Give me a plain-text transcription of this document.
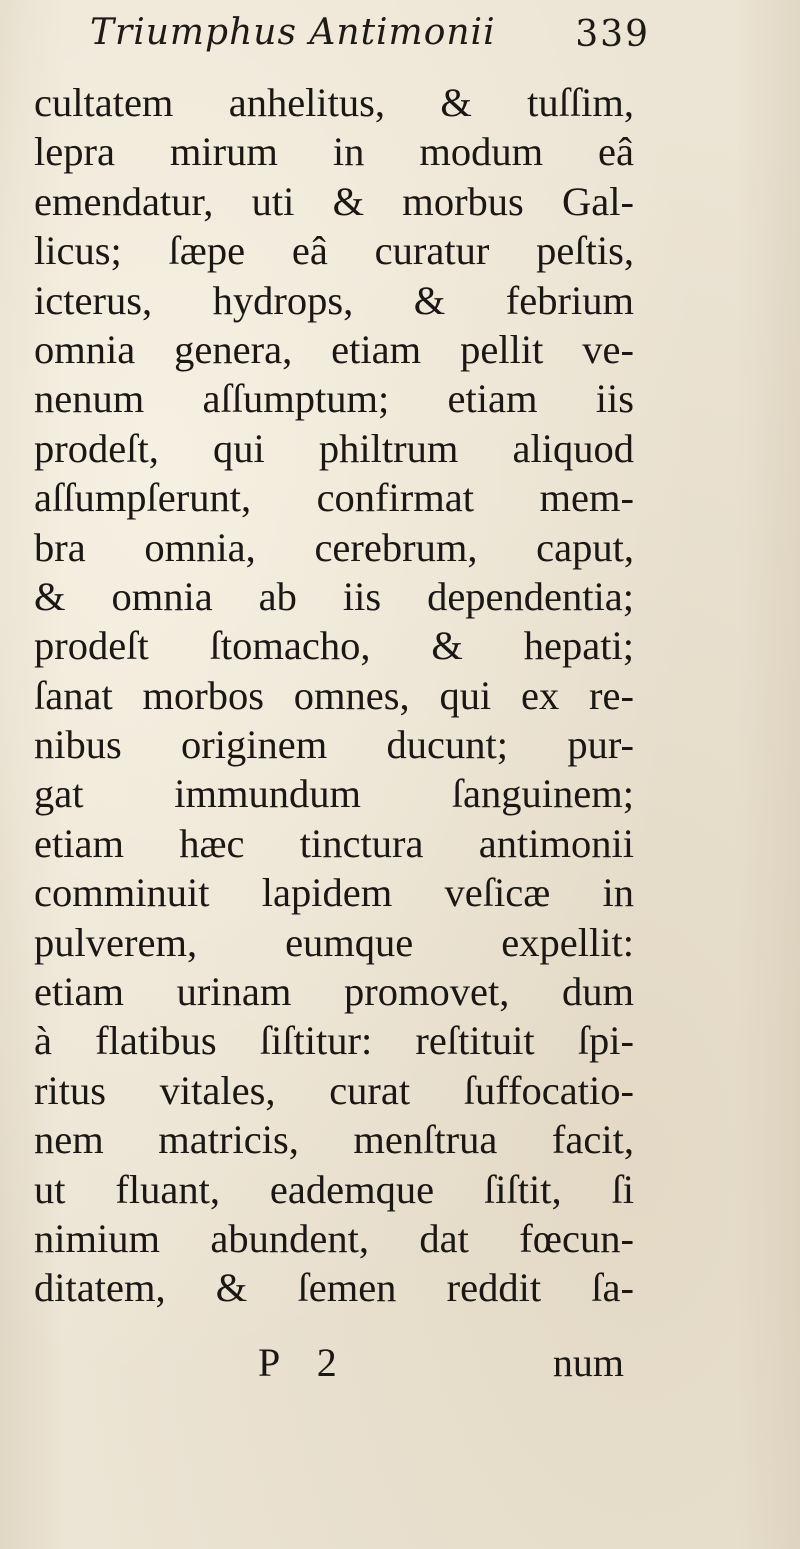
Triumphus Antimonii 339
cultatem anhelitus, & tuſſim,
lepra mirum in modum eâ
emendatur, uti & morbus Gal-
licus; ſæpe eâ curatur peſtis,
icterus, hydrops, & febrium
omnia genera, etiam pellit ve-
nenum aſſumptum; etiam iis
prodeſt, qui philtrum aliquod
aſſumpſerunt, confirmat mem-
bra omnia, cerebrum, caput,
& omnia ab iis dependentia;
prodeſt ſtomacho, & hepati;
ſanat morbos omnes, qui ex re-
nibus originem ducunt; pur-
gat immundum ſanguinem;
etiam hæc tinctura antimonii
comminuit lapidem veſicæ in
pulverem, eumque expellit:
etiam urinam promovet, dum
à flatibus ſiſtitur: reſtituit ſpi-
ritus vitales, curat ſuffocatio-
nem matricis, menſtrua facit,
ut fluant, eademque ſiſtit, ſi
nimium abundent, dat fœcun-
ditatem, & ſemen reddit ſa-
P 2	num
